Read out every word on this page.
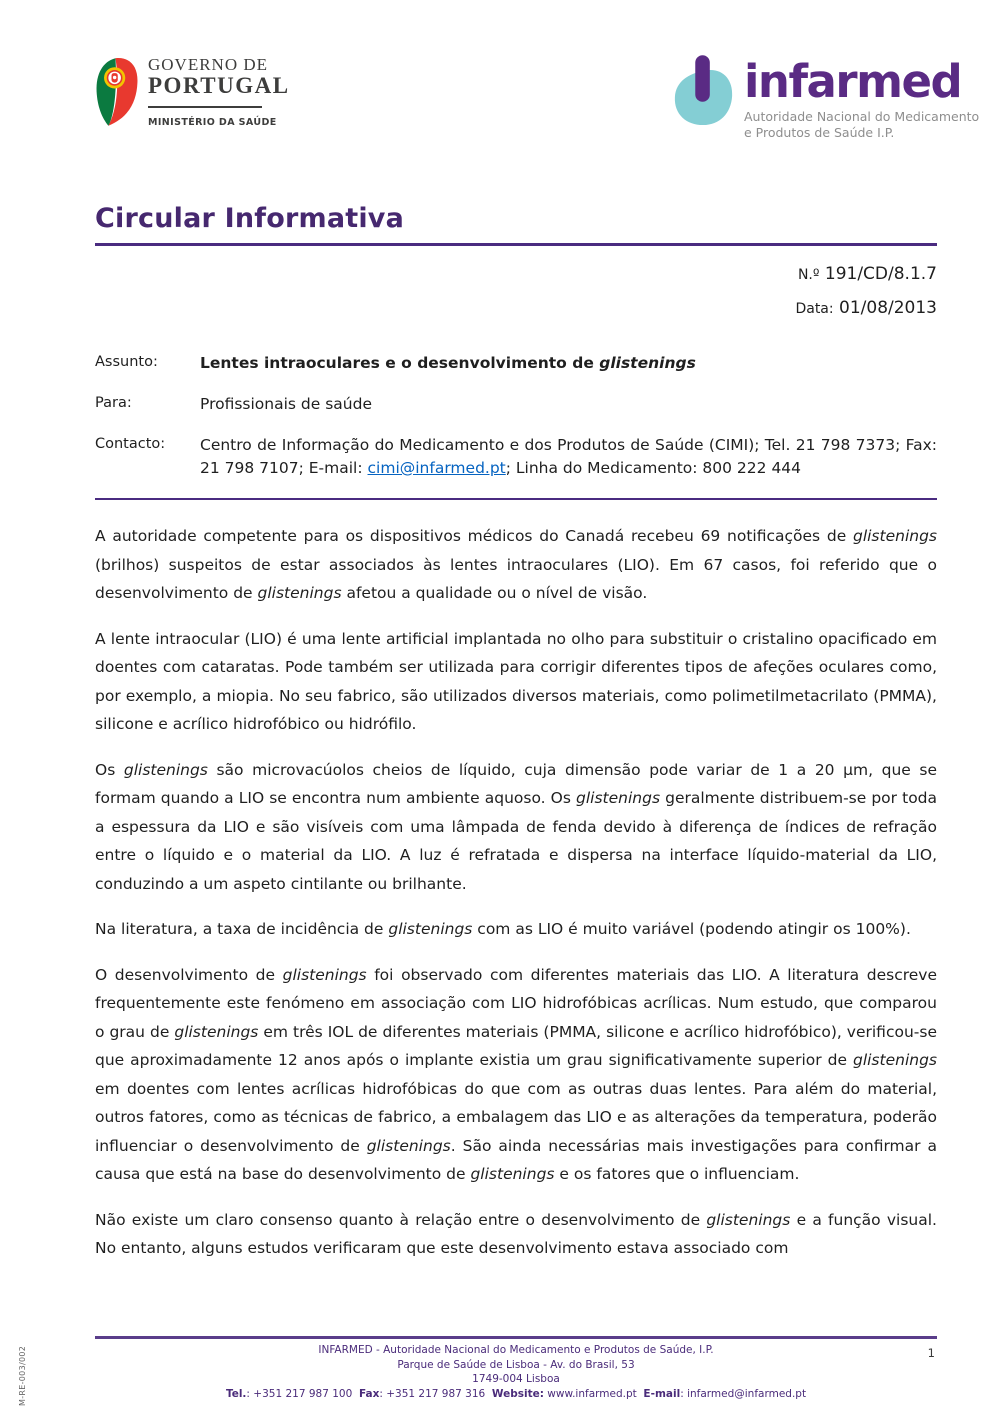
GOVERNO DE
PORTUGAL
MINISTÉRIO DA SAÚDE
infarmed
Autoridade Nacional do Medicamento
e Produtos de Saúde I.P.
Circular Informativa
N.º 191/CD/8.1.7
Data: 01/08/2013
Assunto:	Lentes intraoculares e o desenvolvimento de glistenings
Para:	Profissionais de saúde
Contacto:	Centro de Informação do Medicamento e dos Produtos de Saúde (CIMI); Tel. 21 798 7373; Fax: 21 798 7107; E-mail: cimi@infarmed.pt; Linha do Medicamento: 800 222 444

A autoridade competente para os dispositivos médicos do Canadá recebeu 69 notificações de glistenings (brilhos) suspeitos de estar associados às lentes intraoculares (LIO). Em 67 casos, foi referido que o desenvolvimento de glistenings afetou a qualidade ou o nível de visão.

A lente intraocular (LIO) é uma lente artificial implantada no olho para substituir o cristalino opacificado em doentes com cataratas. Pode também ser utilizada para corrigir diferentes tipos de afeções oculares como, por exemplo, a miopia. No seu fabrico, são utilizados diversos materiais, como polimetilmetacrilato (PMMA), silicone e acrílico hidrofóbico ou hidrófilo.

Os glistenings são microvacúolos cheios de líquido, cuja dimensão pode variar de 1 a 20 µm, que se formam quando a LIO se encontra num ambiente aquoso. Os glistenings geralmente distribuem-se por toda a espessura da LIO e são visíveis com uma lâmpada de fenda devido à diferença de índices de refração entre o líquido e o material da LIO. A luz é refratada e dispersa na interface líquido-material da LIO, conduzindo a um aspeto cintilante ou brilhante.

Na literatura, a taxa de incidência de glistenings com as LIO é muito variável (podendo atingir os 100%).

O desenvolvimento de glistenings foi observado com diferentes materiais das LIO. A literatura descreve frequentemente este fenómeno em associação com LIO hidrofóbicas acrílicas. Num estudo, que comparou o grau de glistenings em três IOL de diferentes materiais (PMMA, silicone e acrílico hidrofóbico), verificou-se que aproximadamente 12 anos após o implante existia um grau significativamente superior de glistenings em doentes com lentes acrílicas hidrofóbicas do que com as outras duas lentes. Para além do material, outros fatores, como as técnicas de fabrico, a embalagem das LIO e as alterações da temperatura, poderão influenciar o desenvolvimento de glistenings. São ainda necessárias mais investigações para confirmar a causa que está na base do desenvolvimento de glistenings e os fatores que o influenciam.

Não existe um claro consenso quanto à relação entre o desenvolvimento de glistenings e a função visual. No entanto, alguns estudos verificaram que este desenvolvimento estava associado com

INFARMED - Autoridade Nacional do Medicamento e Produtos de Saúde, I.P.
Parque de Saúde de Lisboa - Av. do Brasil, 53
1749-004 Lisboa
Tel.: +351 217 987 100  Fax: +351 217 987 316  Website: www.infarmed.pt  E-mail: infarmed@infarmed.pt
1
M-RE-003/002
